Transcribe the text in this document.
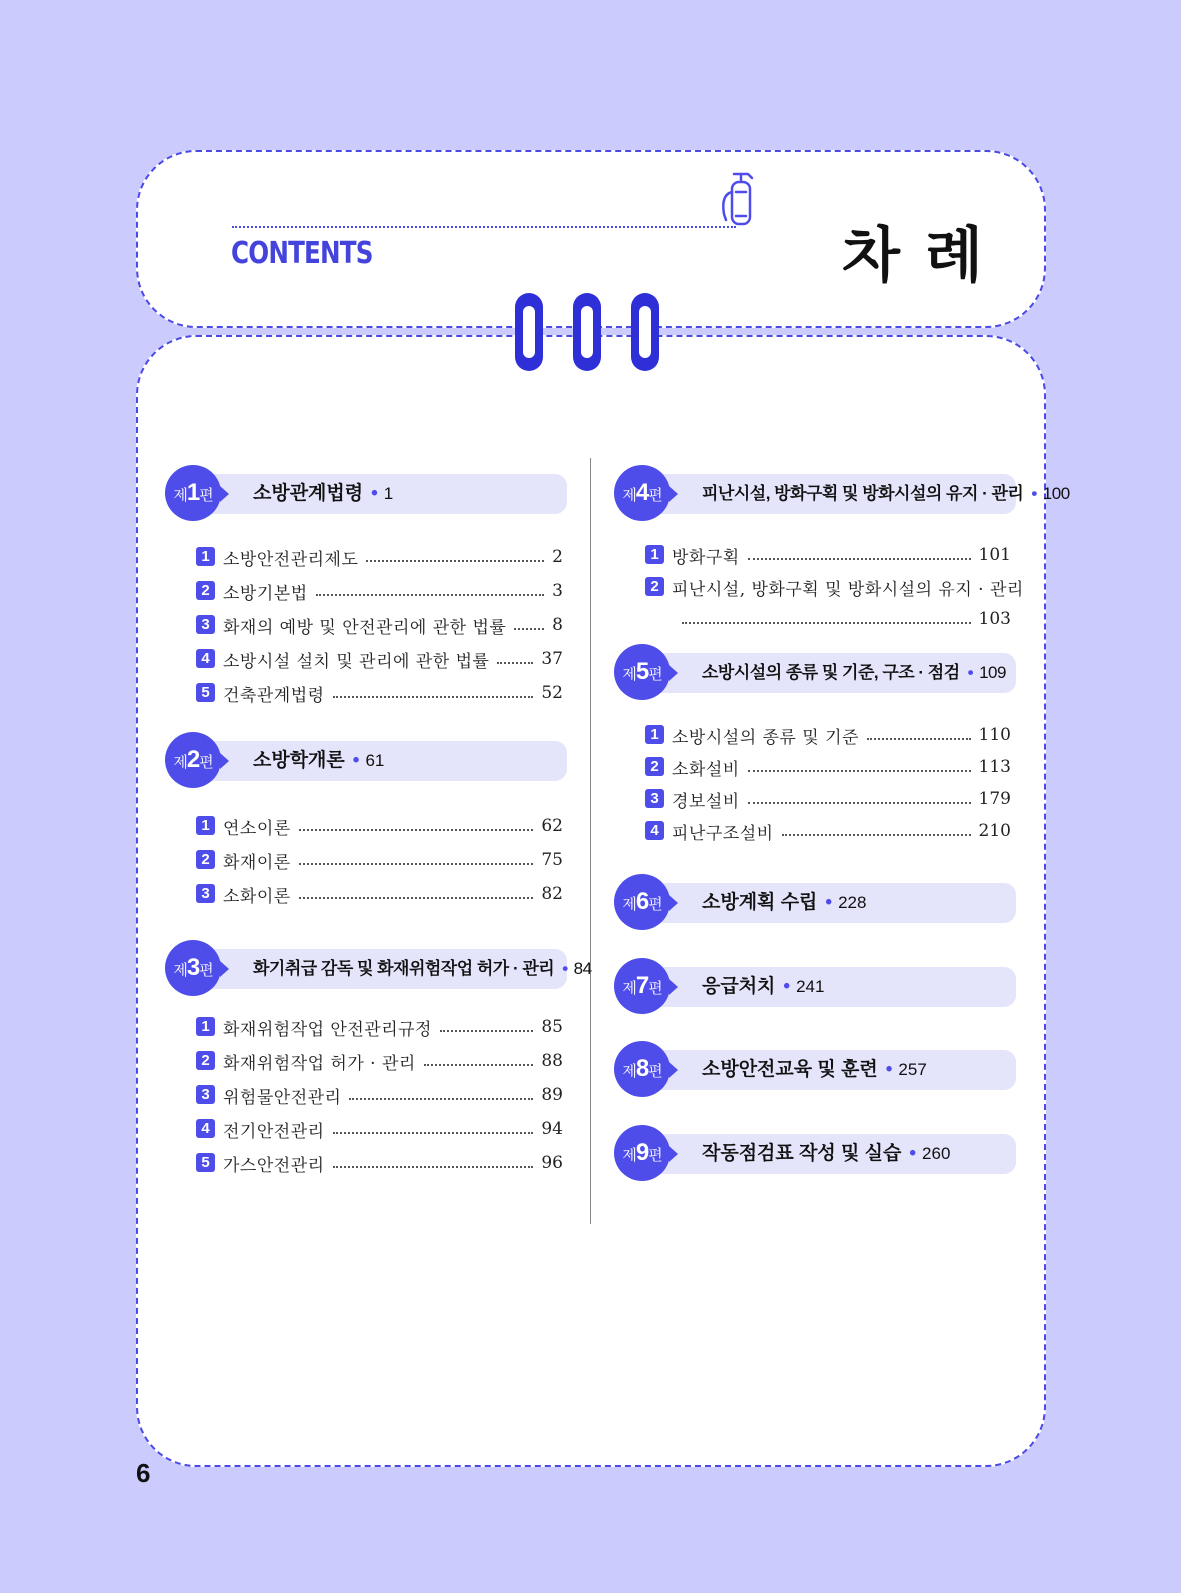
CONTENTS	차 례
제1편	소방관계법령 • 1
1 소방안전관리제도	2
2 소방기본법	3
3 화재의 예방 및 안전관리에 관한 법률	8
4 소방시설 설치 및 관리에 관한 법률	37
5 건축관계법령	52
제2편	소방학개론 • 61
1 연소이론	62
2 화재이론	75
3 소화이론	82
제3편	화기취급 감독 및 화재위험작업 허가 · 관리 • 84
1 화재위험작업 안전관리규정	85
2 화재위험작업 허가 · 관리	88
3 위험물안전관리	89
4 전기안전관리	94
5 가스안전관리	96
제4편	피난시설, 방화구획 및 방화시설의 유지 · 관리 • 100
1 방화구획	101
2 피난시설, 방화구획 및 방화시설의 유지 · 관리
103
제5편	소방시설의 종류 및 기준, 구조 · 점검 • 109
1 소방시설의 종류 및 기준	110
2 소화설비	113
3 경보설비	179
4 피난구조설비	210
제6편	소방계획 수립 • 228
제7편	응급처치 • 241
제8편	소방안전교육 및 훈련 • 257
제9편	작동점검표 작성 및 실습 • 260
6
